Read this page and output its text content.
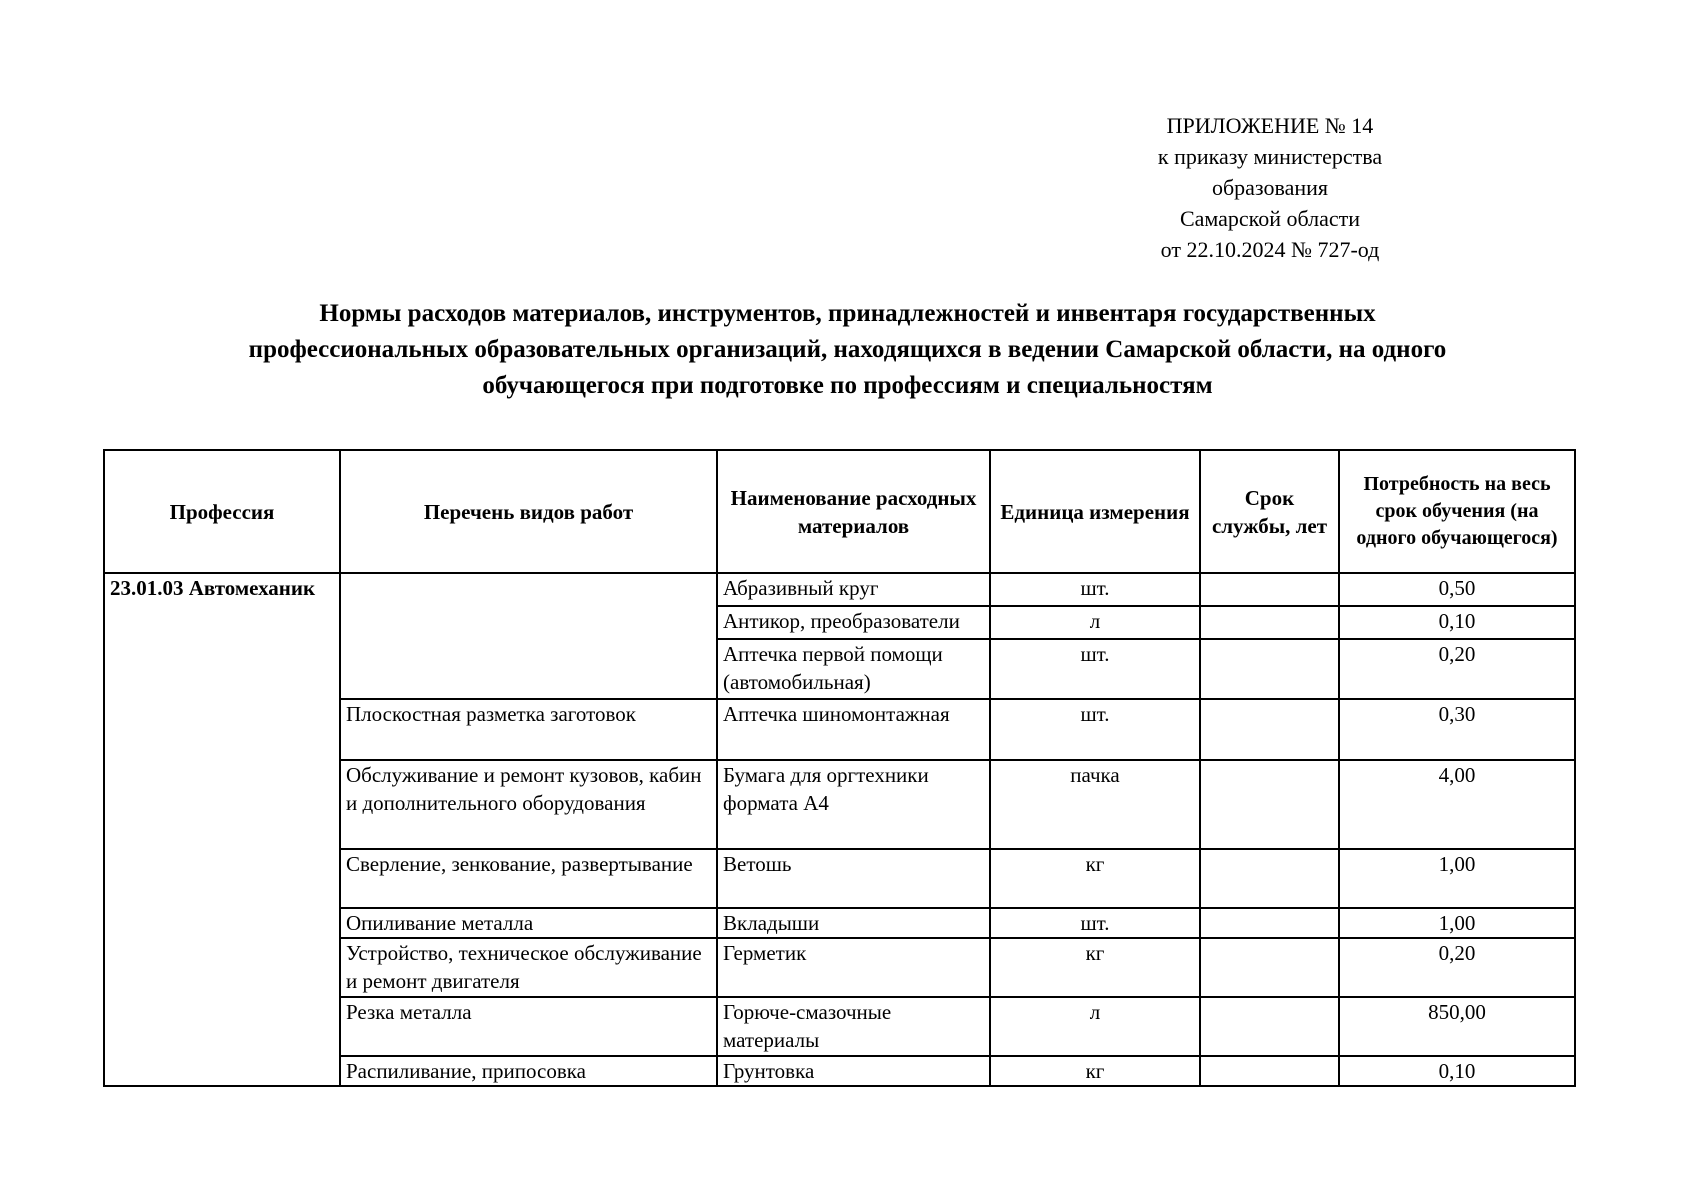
ПРИЛОЖЕНИЕ № 14
к приказу министерства
образования
Самарской области
от 22.10.2024 № 727-од
Нормы расходов материалов, инструментов, принадлежностей и инвентаря государственных
профессиональных образовательных организаций, находящихся в ведении Самарской области, на одного
обучающегося при подготовке по профессиям и специальностям
Профессия	Перечень видов работ	Наименование расходных материалов	Единица измерения	Срок службы, лет	Потребность на весь срок обучения (на одного обучающегося)
23.01.03 Автомеханик		Абразивный круг	шт.		0,50
		Антикор, преобразователи	л		0,10
		Аптечка первой помощи (автомобильная)	шт.		0,20
	Плоскостная разметка заготовок	Аптечка шиномонтажная	шт.		0,30
	Обслуживание и ремонт кузовов, кабин и дополнительного оборудования	Бумага для оргтехники формата А4	пачка		4,00
	Сверление, зенкование, развертывание	Ветошь	кг		1,00
	Опиливание металла	Вкладыши	шт.		1,00
	Устройство, техническое обслуживание и ремонт двигателя	Герметик	кг		0,20
	Резка металла	Горюче-смазочные материалы	л		850,00
	Распиливание, припосовка	Грунтовка	кг		0,10
